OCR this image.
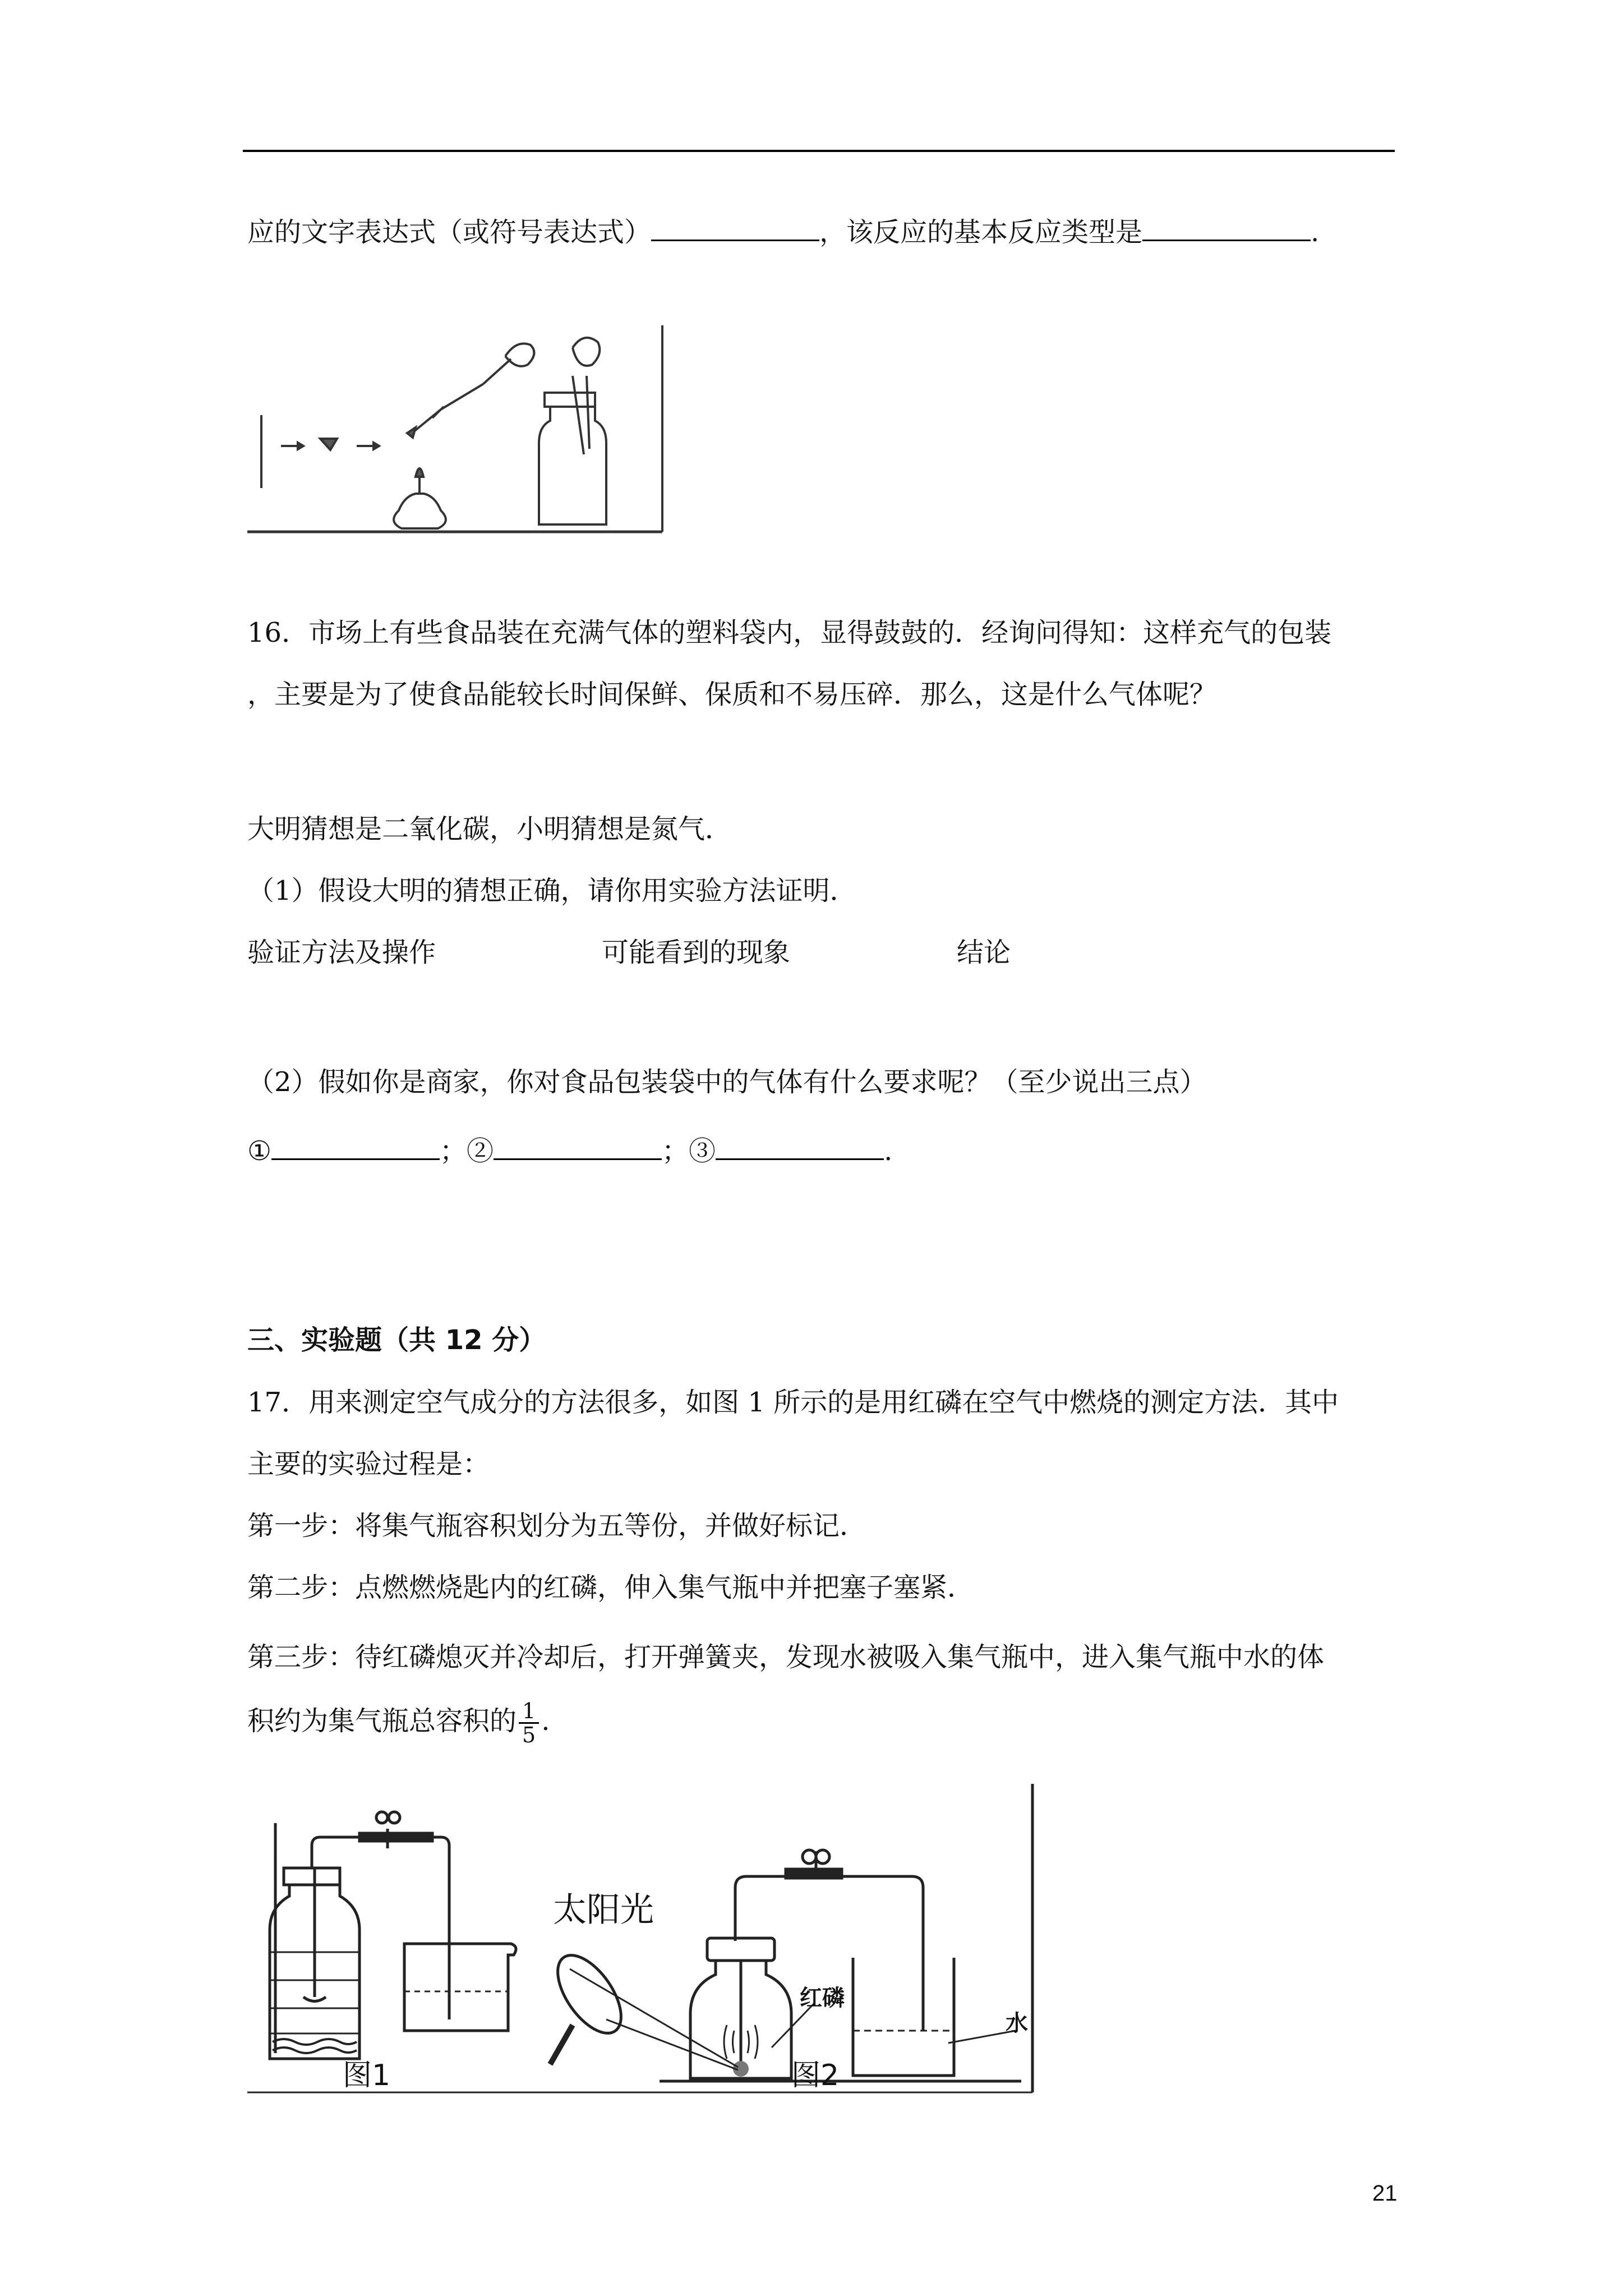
应的文字表达式（或符号表达式）	，该反应的基本反应类型是	.
16．市场上有些食品装在充满气体的塑料袋内，显得鼓鼓的．经询问得知：这样充气的包装
，主要是为了使食品能较长时间保鲜、保质和不易压碎．那么，这是什么气体呢？
大明猜想是二氧化碳，小明猜想是氮气．
（1）假设大明的猜想正确，请你用实验方法证明．
验证方法及操作	可能看到的现象	结论
（2）假如你是商家，你对食品包装袋中的气体有什么要求呢？（至少说出三点）
①	；②	；③	.
三、实验题（共 12 分）
17．用来测定空气成分的方法很多，如图 1 所示的是用红磷在空气中燃烧的测定方法．其中
主要的实验过程是：
第一步：将集气瓶容积划分为五等份，并做好标记．
第二步：点燃燃烧匙内的红磷，伸入集气瓶中并把塞子塞紧．
第三步：待红磷熄灭并冷却后，打开弹簧夹，发现水被吸入集气瓶中，进入集气瓶中水的体
积约为集气瓶总容积的 $\frac{1}{5}$ .
太阳光
红磷
水
图1	图2
21
